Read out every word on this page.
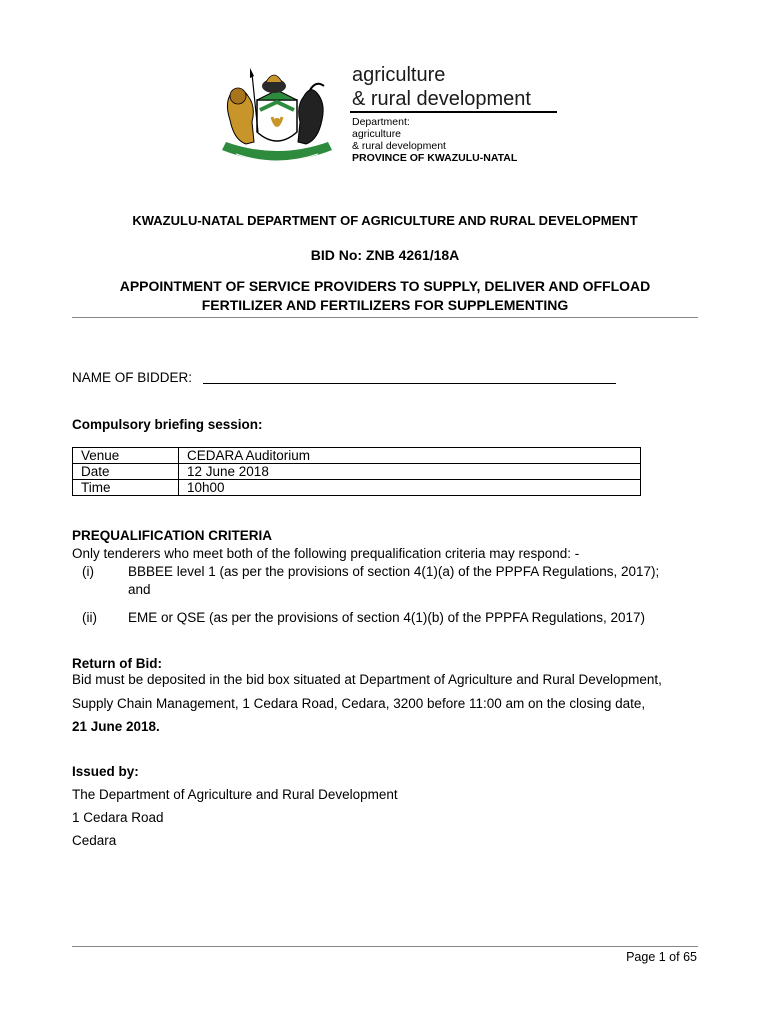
agriculture
& rural development
Department:
agriculture
& rural development
PROVINCE OF KWAZULU-NATAL
KWAZULU-NATAL DEPARTMENT OF AGRICULTURE AND RURAL DEVELOPMENT
BID No: ZNB 4261/18A
APPOINTMENT OF SERVICE PROVIDERS TO SUPPLY, DELIVER AND OFFLOAD
FERTILIZER AND FERTILIZERS FOR SUPPLEMENTING
NAME OF BIDDER:
Compulsory briefing session:
Venue	CEDARA Auditorium
Date	12 June 2018
Time	10h00
PREQUALIFICATION CRITERIA
Only tenderers who meet both of the following prequalification criteria may respond: -
(i)	BBBEE level 1 (as per the provisions of section 4(1)(a) of the PPPFA Regulations, 2017);
and
(ii) EME or QSE (as per the provisions of section 4(1)(b) of the PPPFA Regulations, 2017)
Return of Bid:
Bid must be deposited in the bid box situated at Department of Agriculture and Rural Development,
Supply Chain Management, 1 Cedara Road, Cedara, 3200 before 11:00 am on the closing date,
21 June 2018.
Issued by:
The Department of Agriculture and Rural Development
1 Cedara Road
Cedara
Page 1 of 65
